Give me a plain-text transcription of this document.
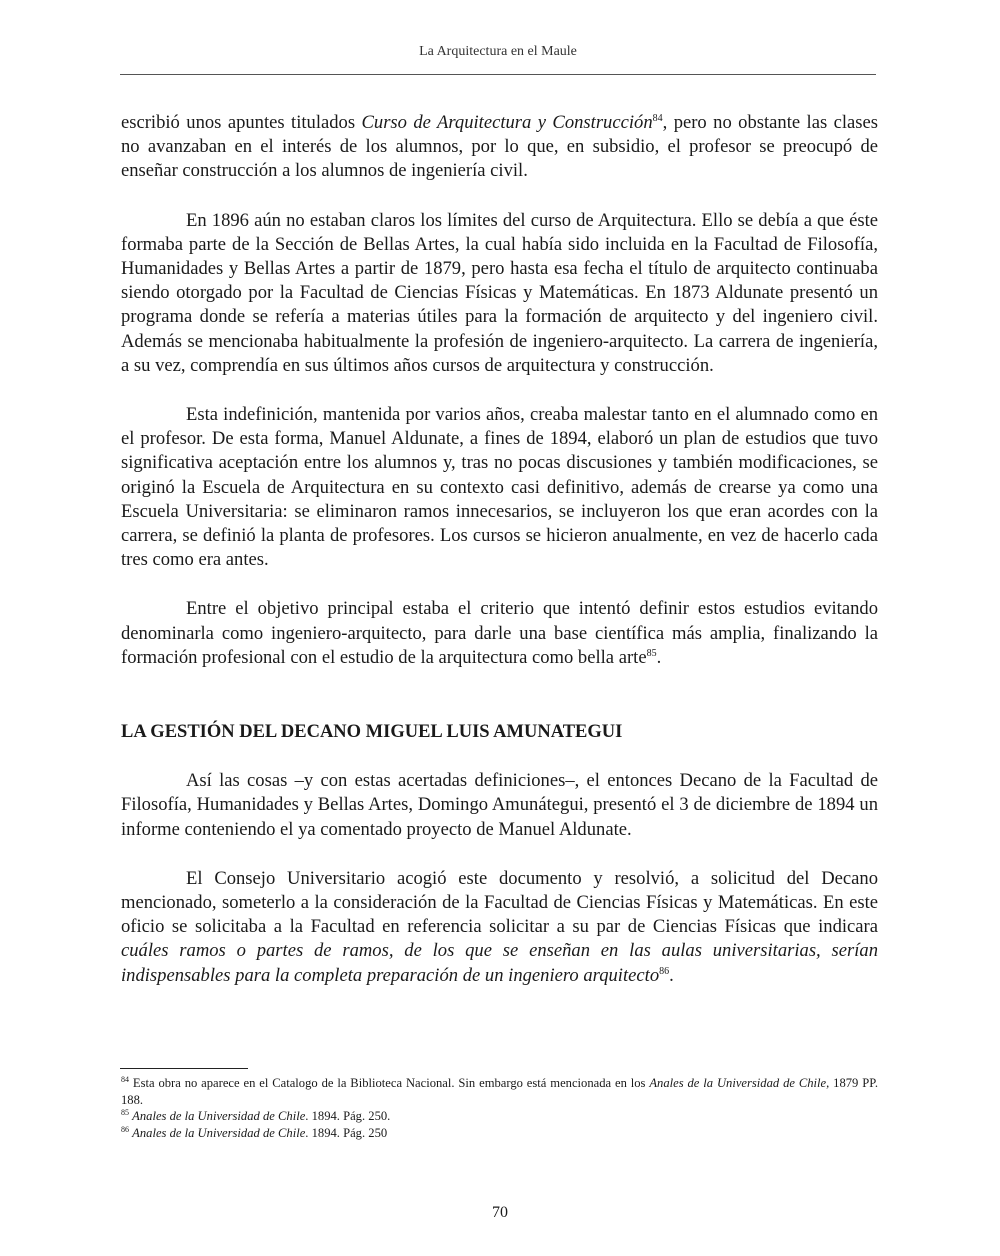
La Arquitectura en el Maule

escribió unos apuntes titulados Curso de Arquitectura y Construcción$^{84}$, pero no obstante las clases no avanzaban en el interés de los alumnos, por lo que, en subsidio, el profesor se preocupó de enseñar construcción a los alumnos de ingeniería civil.

En 1896 aún no estaban claros los límites del curso de Arquitectura. Ello se debía a que éste formaba parte de la Sección de Bellas Artes, la cual había sido incluida en la Facultad de Filosofía, Humanidades y Bellas Artes a partir de 1879, pero hasta esa fecha el título de arquitecto continuaba siendo otorgado por la Facultad de Ciencias Físicas y Matemáticas. En 1873 Aldunate presentó un programa donde se refería a materias útiles para la formación de arquitecto y del ingeniero civil. Además se mencionaba habitualmente la profesión de ingeniero-arquitecto. La carrera de ingeniería, a su vez, comprendía en sus últimos años cursos de arquitectura y construcción.

Esta indefinición, mantenida por varios años, creaba malestar tanto en el alumnado como en el profesor. De esta forma, Manuel Aldunate, a fines de 1894, elaboró un plan de estudios que tuvo significativa aceptación entre los alumnos y, tras no pocas discusiones y también modificaciones, se originó la Escuela de Arquitectura en su contexto casi definitivo, además de crearse ya como una Escuela Universitaria: se eliminaron ramos innecesarios, se incluyeron los que eran acordes con la carrera, se definió la planta de profesores. Los cursos se hicieron anualmente, en vez de hacerlo cada tres como era antes.

Entre el objetivo principal estaba el criterio que intentó definir estos estudios evitando denominarla como ingeniero-arquitecto, para darle una base científica más amplia, finalizando la formación profesional con el estudio de la arquitectura como bella arte$^{85}$.

LA GESTIÓN DEL DECANO MIGUEL LUIS AMUNATEGUI

Así las cosas –y con estas acertadas definiciones–, el entonces Decano de la Facultad de Filosofía, Humanidades y Bellas Artes, Domingo Amunátegui, presentó el 3 de diciembre de 1894 un informe conteniendo el ya comentado proyecto de Manuel Aldunate.

El Consejo Universitario acogió este documento y resolvió, a solicitud del Decano mencionado, someterlo a la consideración de la Facultad de Ciencias Físicas y Matemáticas. En este oficio se solicitaba a la Facultad en referencia solicitar a su par de Ciencias Físicas que indicara cuáles ramos o partes de ramos, de los que se enseñan en las aulas universitarias, serían indispensables para la completa preparación de un ingeniero arquitecto$^{86}$.

$^{84}$ Esta obra no aparece en el Catalogo de la Biblioteca Nacional. Sin embargo está mencionada en los Anales de la Universidad de Chile, 1879 PP. 188.

$^{85}$ Anales de la Universidad de Chile. 1894. Pág. 250.

$^{86}$ Anales de la Universidad de Chile. 1894. Pág. 250

70
